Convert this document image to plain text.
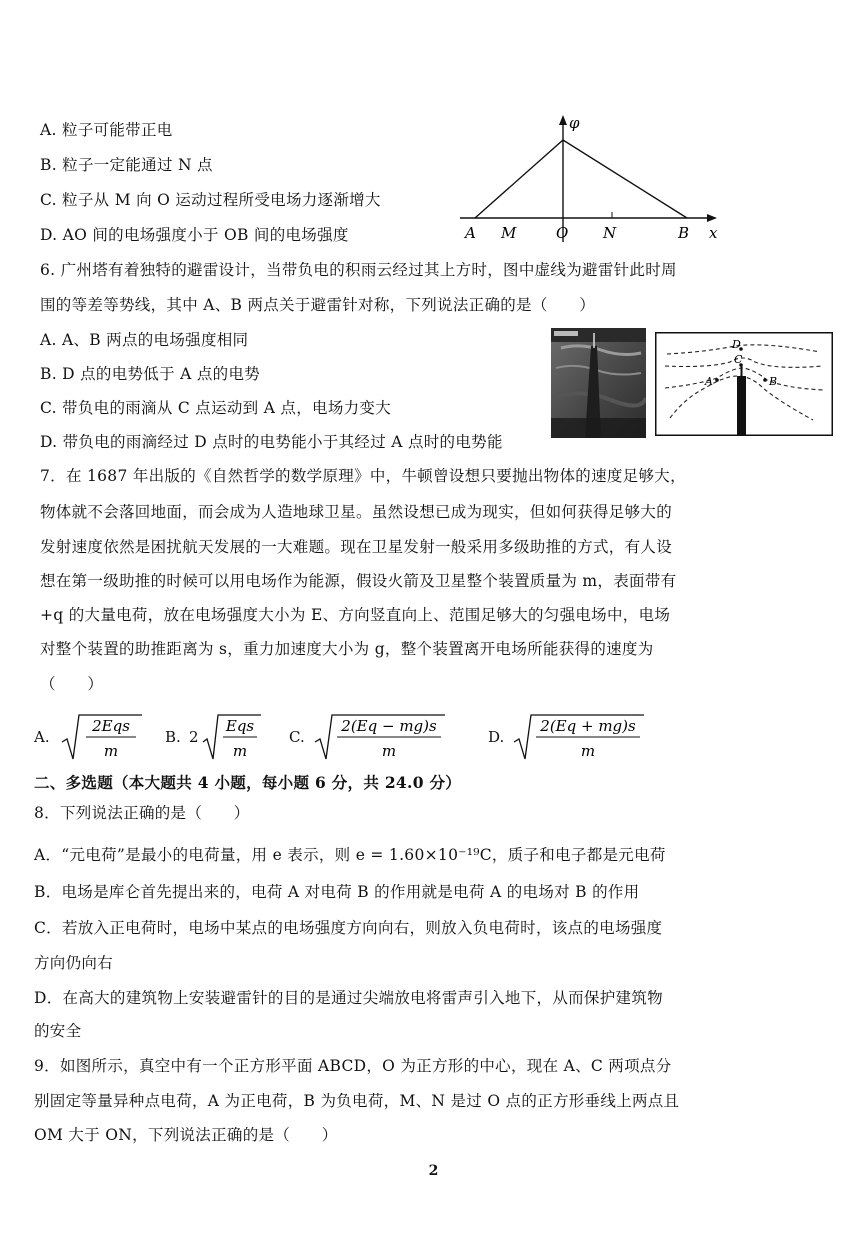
A. 粒子可能带正电
B. 粒子一定能通过 N 点
C. 粒子从 M 向 O 运动过程所受电场力逐渐增大
D. AO 间的电场强度小于 OB 间的电场强度
φ
x
A M	O N	B
6. 广州塔有着独特的避雷设计，当带负电的积雨云经过其上方时，图中虚线为避雷针此时周
围的等差等势线，其中 A、B 两点关于避雷针对称，下列说法正确的是（　　）
A. A、B 两点的电场强度相同
B. D 点的电势低于 A 点的电势
C. 带负电的雨滴从 C 点运动到 A 点，电场力变大
D. 带负电的雨滴经过 D 点时的电势能小于其经过 A 点时的电势能
D
C
A	B
7．在 1687 年出版的《自然哲学的数学原理》中，牛顿曾设想只要抛出物体的速度足够大，
物体就不会落回地面，而会成为人造地球卫星。虽然设想已成为现实，但如何获得足够大的
发射速度依然是困扰航天发展的一大难题。现在卫星发射一般采用多级助推的方式，有人设
想在第一级助推的时候可以用电场作为能源，假设火箭及卫星整个装置质量为 m，表面带有
+q 的大量电荷，放在电场强度大小为 E、方向竖直向上、范围足够大的匀强电场中，电场
对整个装置的助推距离为 s，重力加速度大小为 g，整个装置离开电场所能获得的速度为
（　　）
A.
2Eqs
m
B. 2
Eqs
m
C.
2(Eq − mg)s
m
D.
2(Eq + mg)s
m
二、多选题（本大题共 4 小题，每小题 6 分，共 24.0 分）
8．下列说法正确的是（　　）
A．“元电荷”是最小的电荷量，用 e 表示，则 e = 1.60×10⁻¹⁹C，质子和电子都是元电荷
B．电场是库仑首先提出来的，电荷 A 对电荷 B 的作用就是电荷 A 的电场对 B 的作用
C．若放入正电荷时，电场中某点的电场强度方向向右，则放入负电荷时，该点的电场强度
方向仍向右
D．在高大的建筑物上安装避雷针的目的是通过尖端放电将雷声引入地下，从而保护建筑物
的安全
9．如图所示，真空中有一个正方形平面 ABCD，O 为正方形的中心，现在 A、C 两项点分
别固定等量异种点电荷，A 为正电荷，B 为负电荷，M、N 是过 O 点的正方形垂线上两点且
OM 大于 ON，下列说法正确的是（　　）
2
